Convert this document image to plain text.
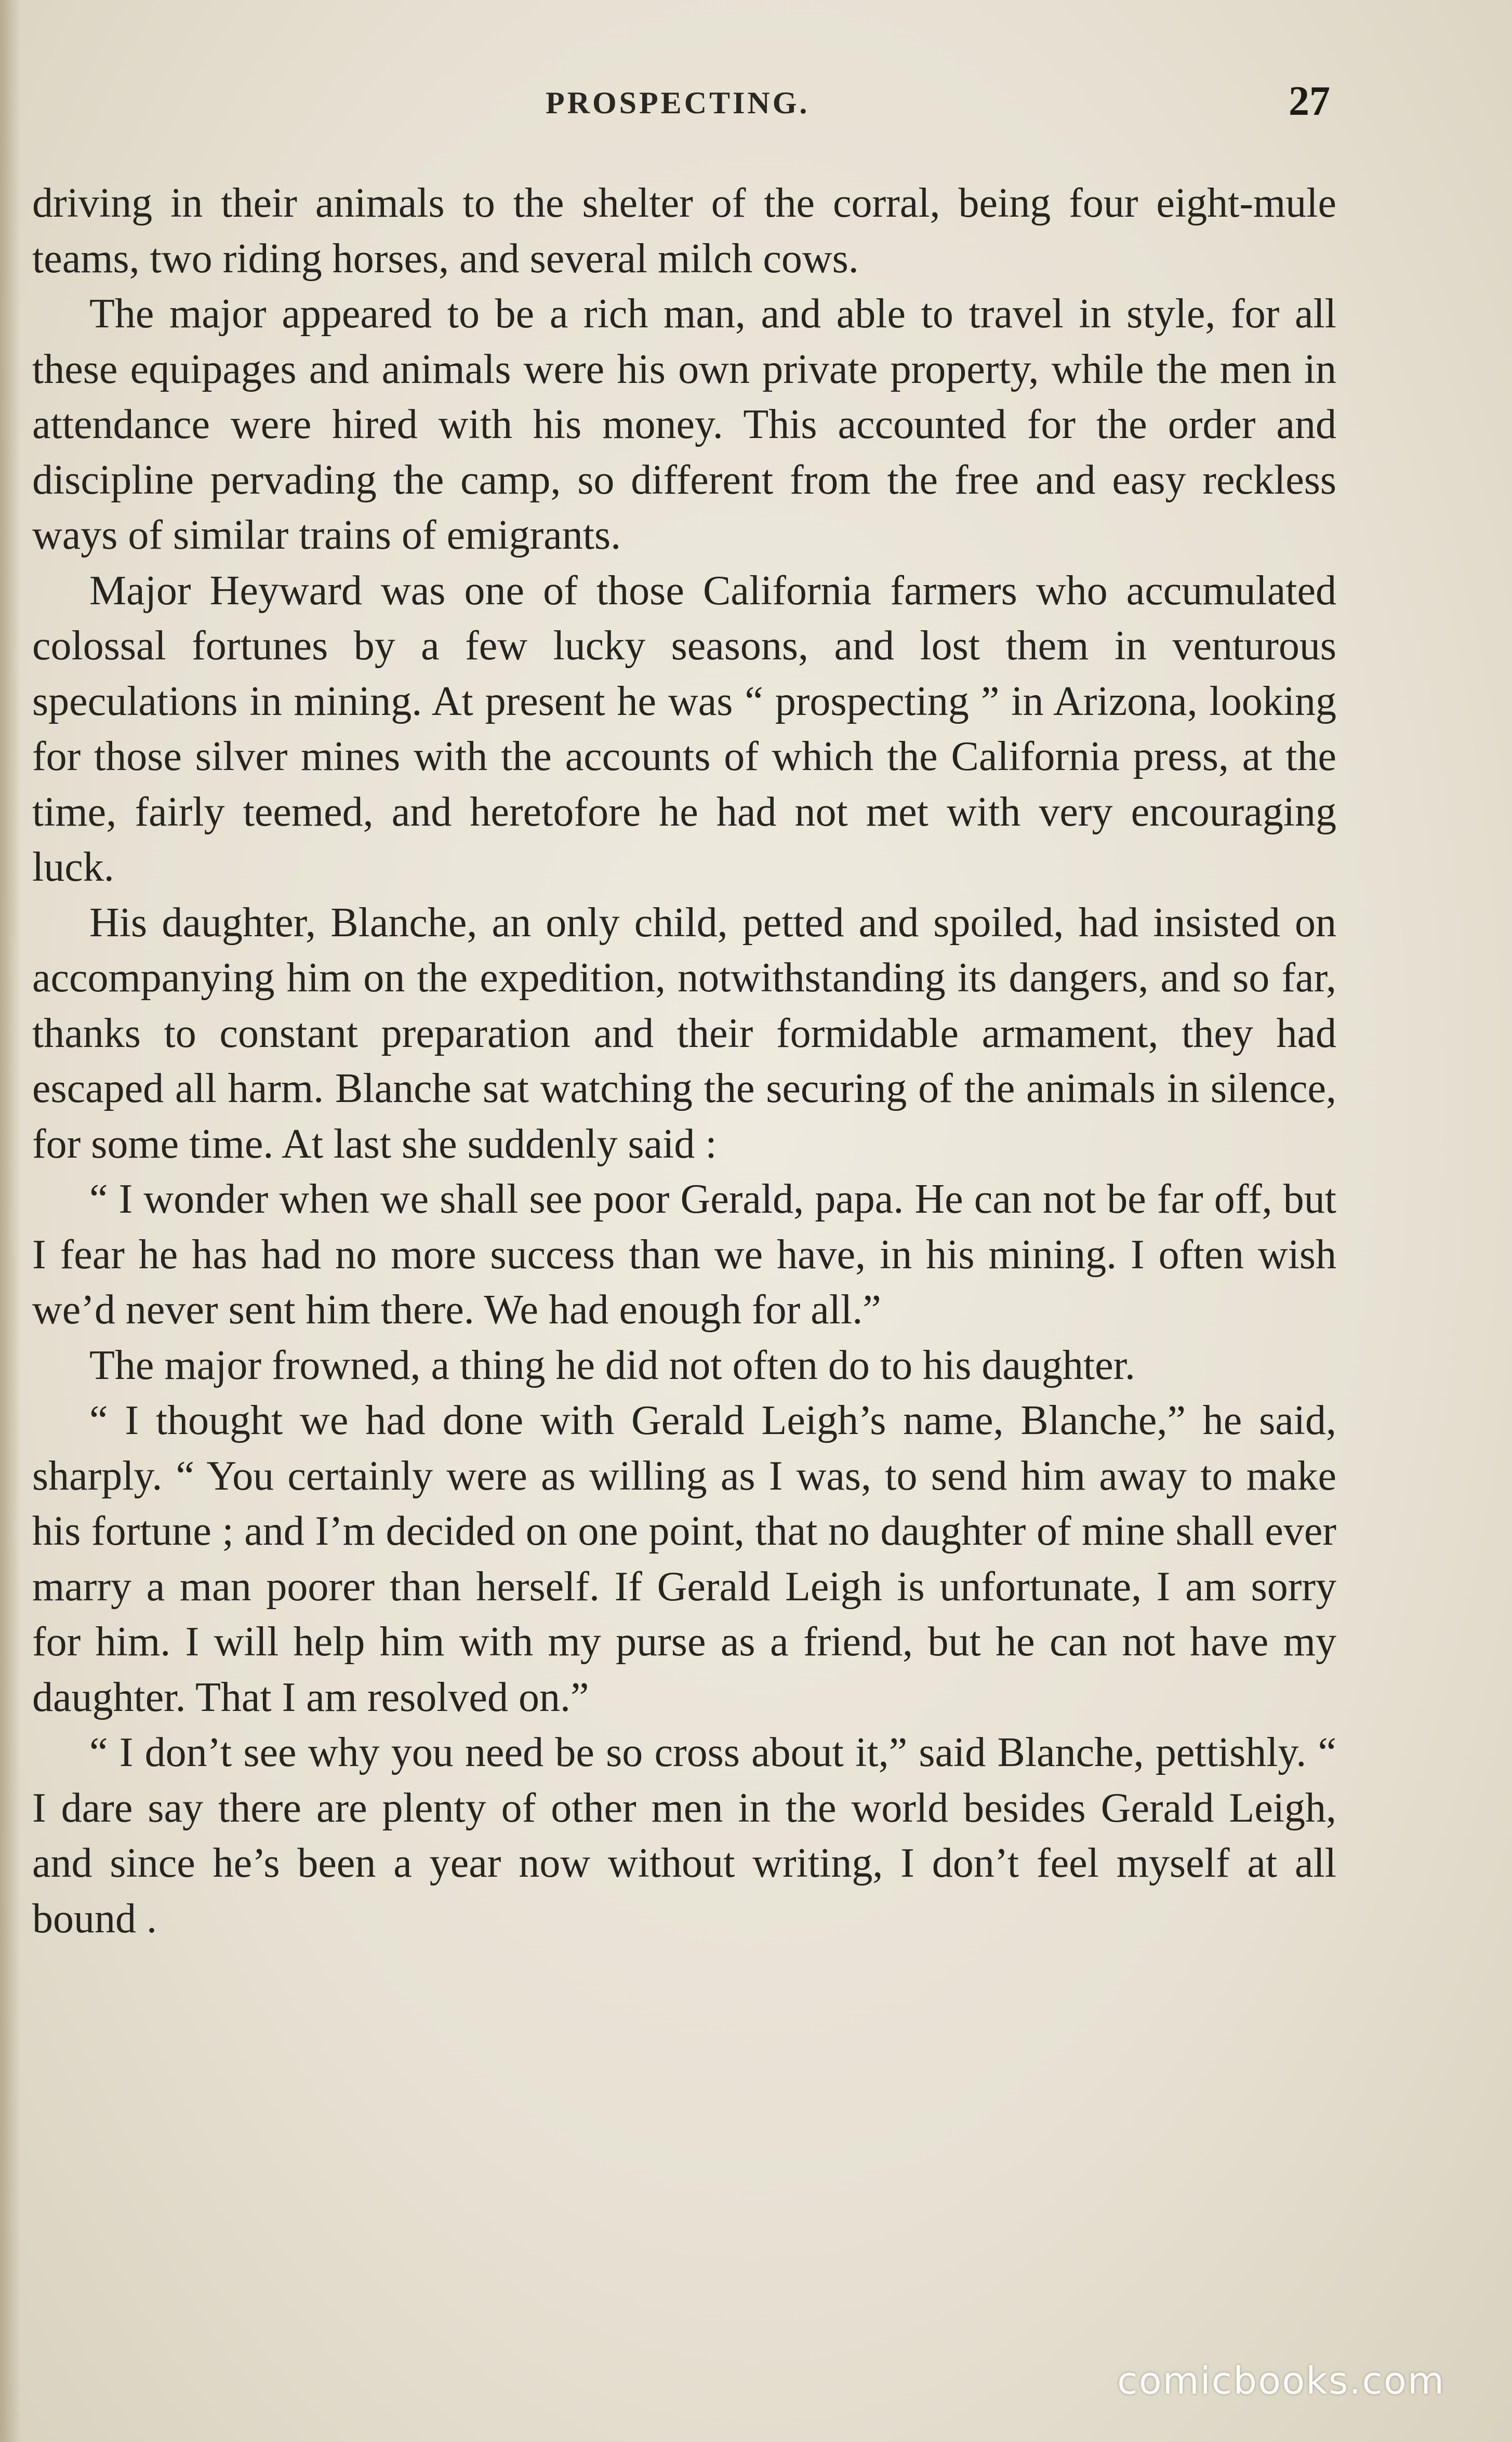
PROSPECTING.	27

driving in their animals to the shelter of the corral, being four eight-mule teams, two riding horses, and several milch cows.

The major appeared to be a rich man, and able to travel in style, for all these equipages and animals were his own private property, while the men in attendance were hired with his money. This accounted for the order and discipline pervading the camp, so different from the free and easy reckless ways of similar trains of emigrants.

Major Heyward was one of those California farmers who accumulated colossal fortunes by a few lucky seasons, and lost them in venturous speculations in mining. At present he was “ prospecting ” in Arizona, looking for those silver mines with the accounts of which the California press, at the time, fairly teemed, and heretofore he had not met with very encouraging luck.

His daughter, Blanche, an only child, petted and spoiled, had insisted on accompanying him on the expedition, notwithstanding its dangers, and so far, thanks to constant preparation and their formidable armament, they had escaped all harm. Blanche sat watching the securing of the animals in silence, for some time. At last she suddenly said :

“ I wonder when we shall see poor Gerald, papa. He can not be far off, but I fear he has had no more success than we have, in his mining. I often wish we’d never sent him there. We had enough for all.”

The major frowned, a thing he did not often do to his daughter.

“ I thought we had done with Gerald Leigh’s name, Blanche,” he said, sharply. “ You certainly were as willing as I was, to send him away to make his fortune ; and I’m decided on one point, that no daughter of mine shall ever marry a man poorer than herself. If Gerald Leigh is unfortunate, I am sorry for him. I will help him with my purse as a friend, but he can not have my daughter. That I am resolved on.”

“ I don’t see why you need be so cross about it,” said Blanche, pettishly. “ I dare say there are plenty of other men in the world besides Gerald Leigh, and since he’s been a year now without writing, I don’t feel myself at all bound .

comicbooks.com
